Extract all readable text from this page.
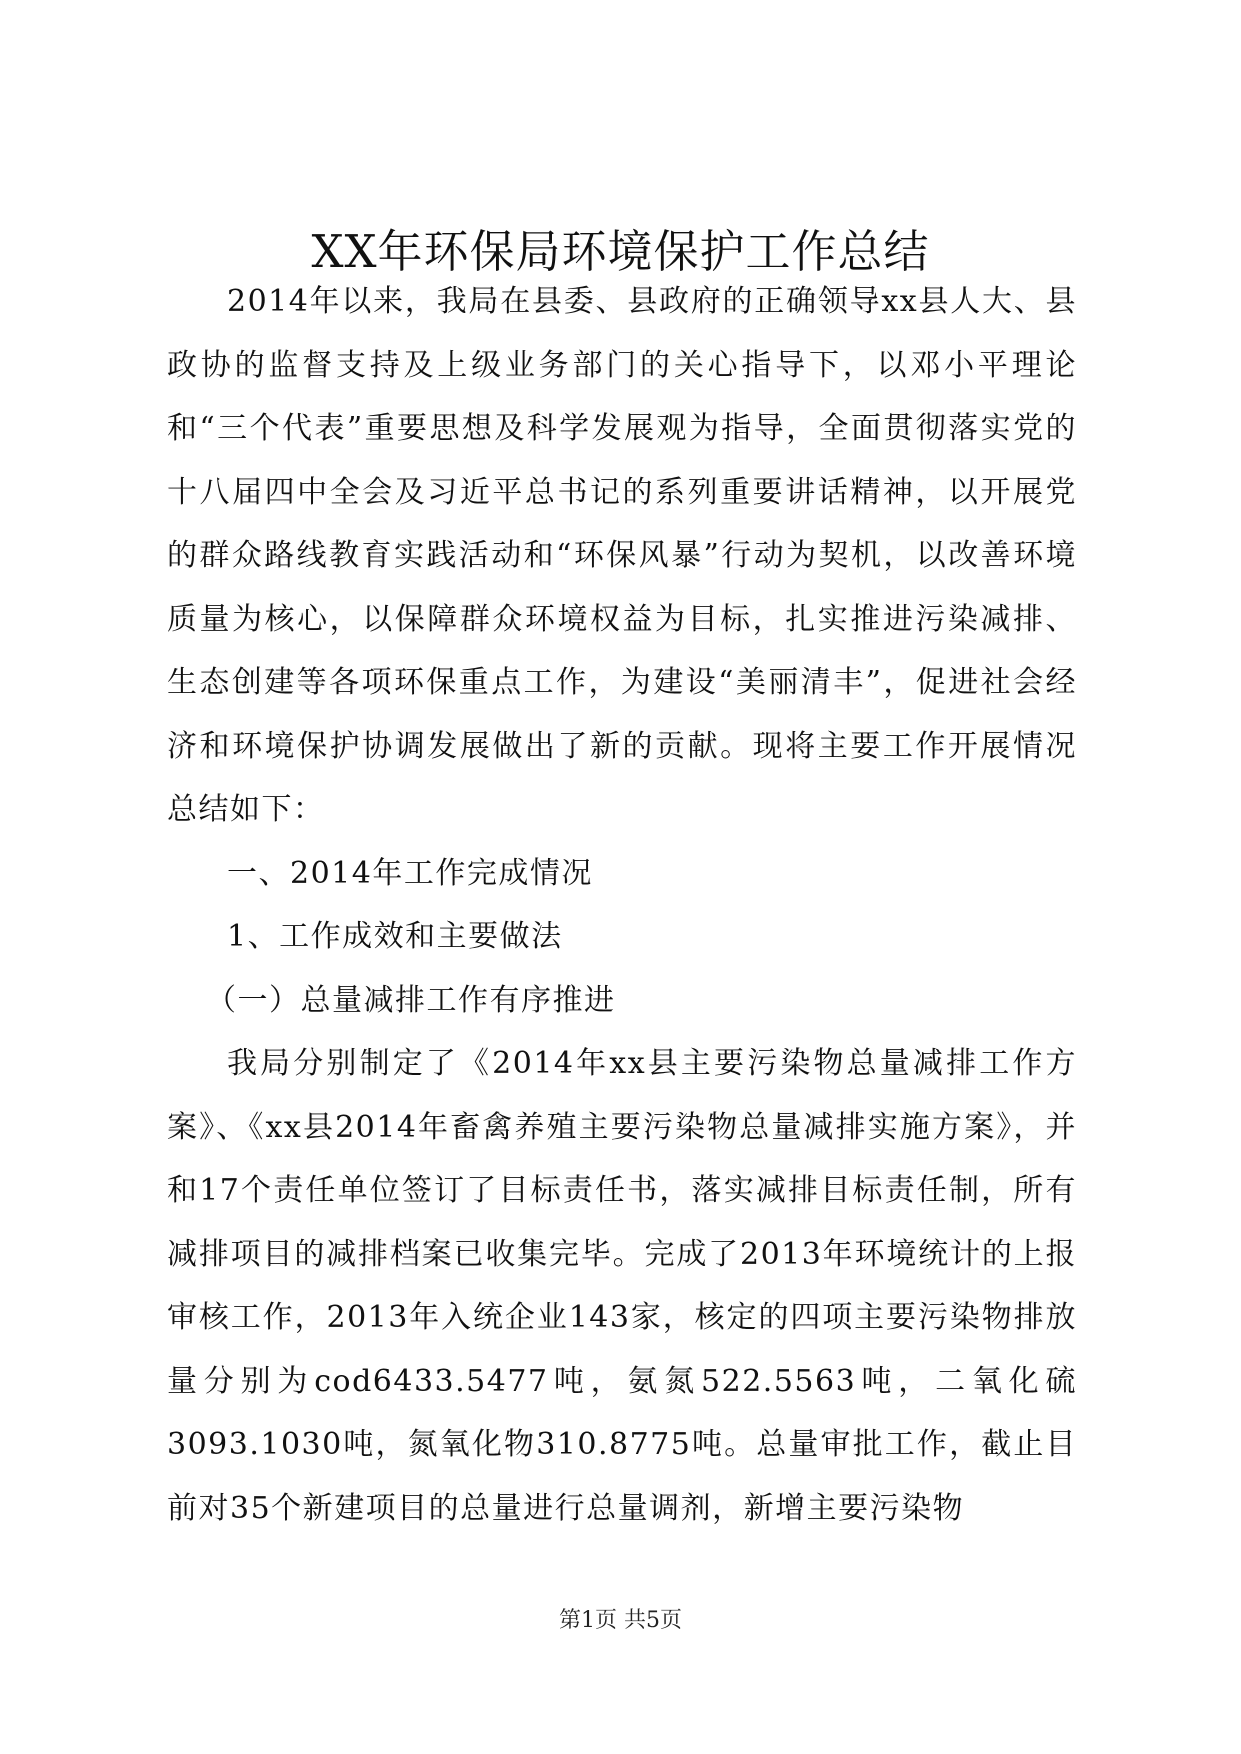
XX年环保局环境保护工作总结

2014年以来，我局在县委、县政府的正确领导xx县人大、县政协的监督支持及上级业务部门的关心指导下，以邓小平理论和“三个代表”重要思想及科学发展观为指导，全面贯彻落实党的十八届四中全会及习近平总书记的系列重要讲话精神，以开展党的群众路线教育实践活动和“环保风暴”行动为契机，以改善环境质量为核心，以保障群众环境权益为目标，扎实推进污染减排、生态创建等各项环保重点工作，为建设“美丽清丰”，促进社会经济和环境保护协调发展做出了新的贡献。现将主要工作开展情况总结如下：

一、2014年工作完成情况

1、工作成效和主要做法

（一）总量减排工作有序推进

我局分别制定了《2014年xx县主要污染物总量减排工作方案》、《xx县2014年畜禽养殖主要污染物总量减排实施方案》，并和17个责任单位签订了目标责任书，落实减排目标责任制，所有减排项目的减排档案已收集完毕。完成了2013年环境统计的上报审核工作，2013年入统企业143家，核定的四项主要污染物排放量分别为cod6433.5477吨，氨氮522.5563吨，二氧化硫3093.1030吨，氮氧化物310.8775吨。总量审批工作，截止目前对35个新建项目的总量进行总量调剂，新增主要污染物

第1页 共5页
